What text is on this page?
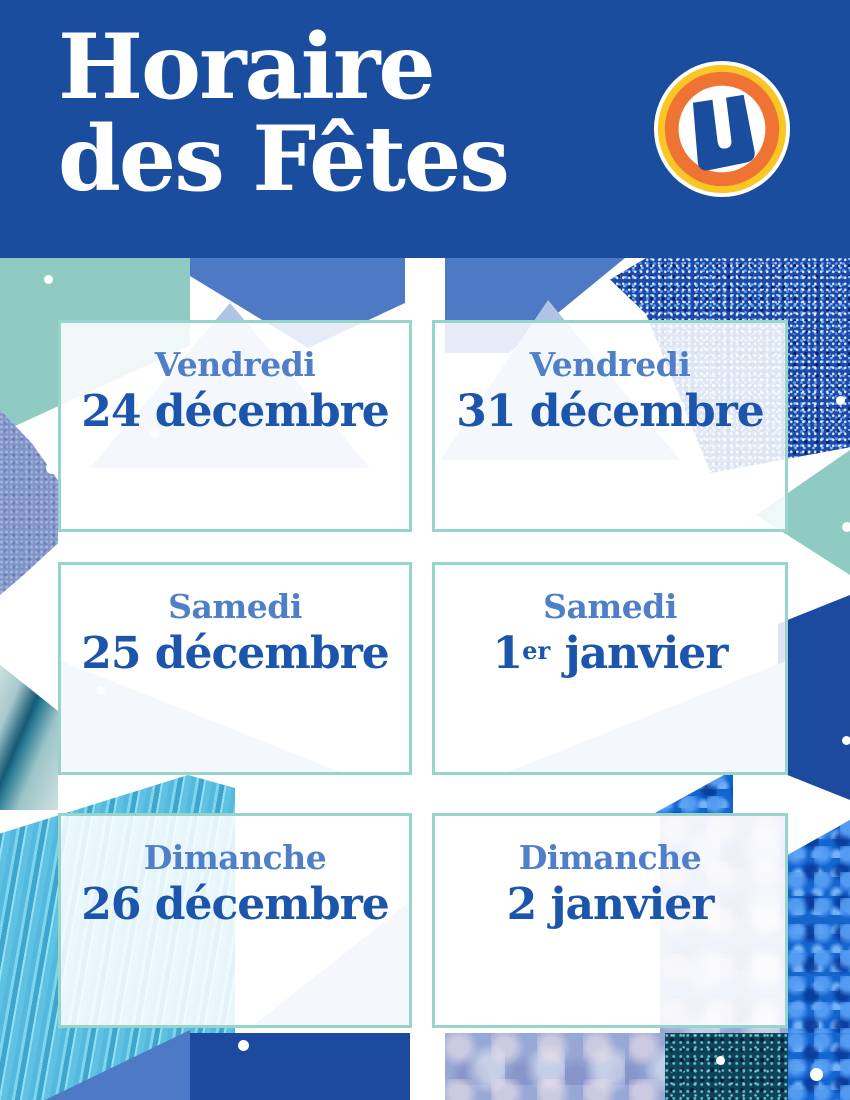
Vendredi
24 décembre
Vendredi
31 décembre
Samedi
25 décembre
Samedi
1er janvier
Dimanche
26 décembre
Dimanche
2 janvier
Horaire
des Fêtes
